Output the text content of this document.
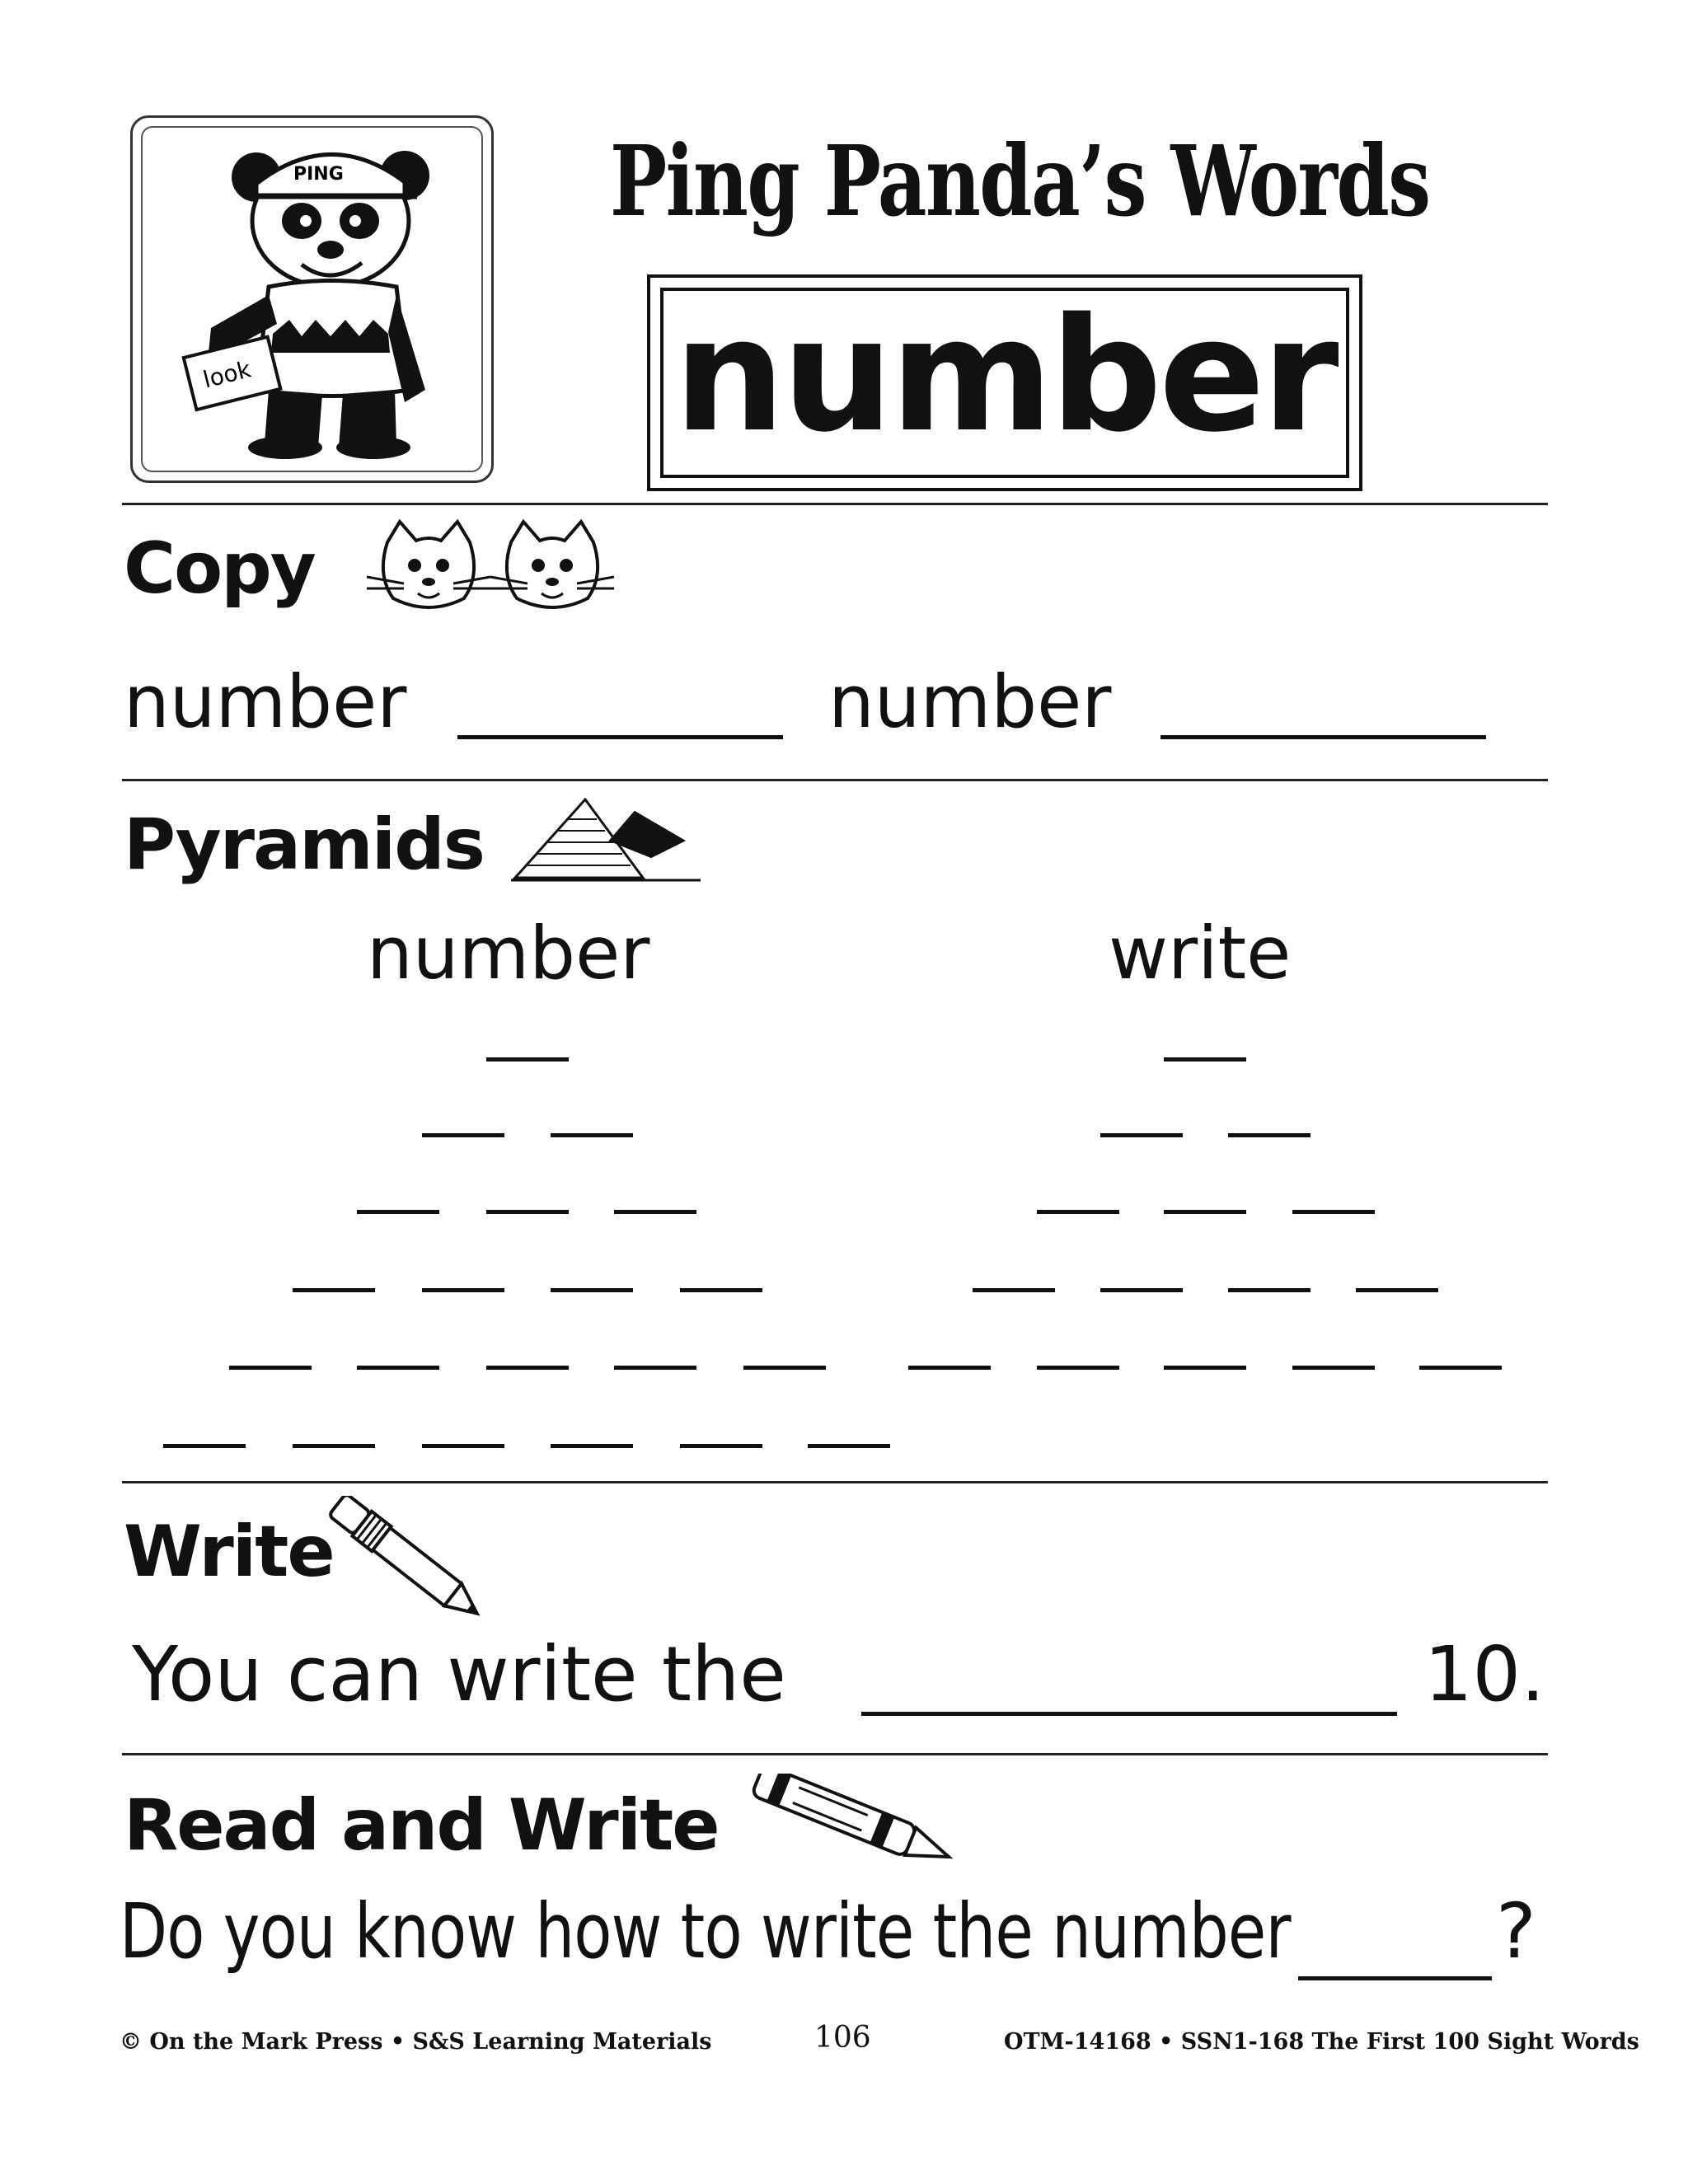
PING
look
Ping Panda’s Words
number
Copy
number	number
Pyramids
number	write
Write
You can write the	10.
Read and Write
Do you know how to write the number	?
© On the Mark Press • S&S Learning Materials	106	OTM-14168 • SSN1-168 The First 100 Sight Words
